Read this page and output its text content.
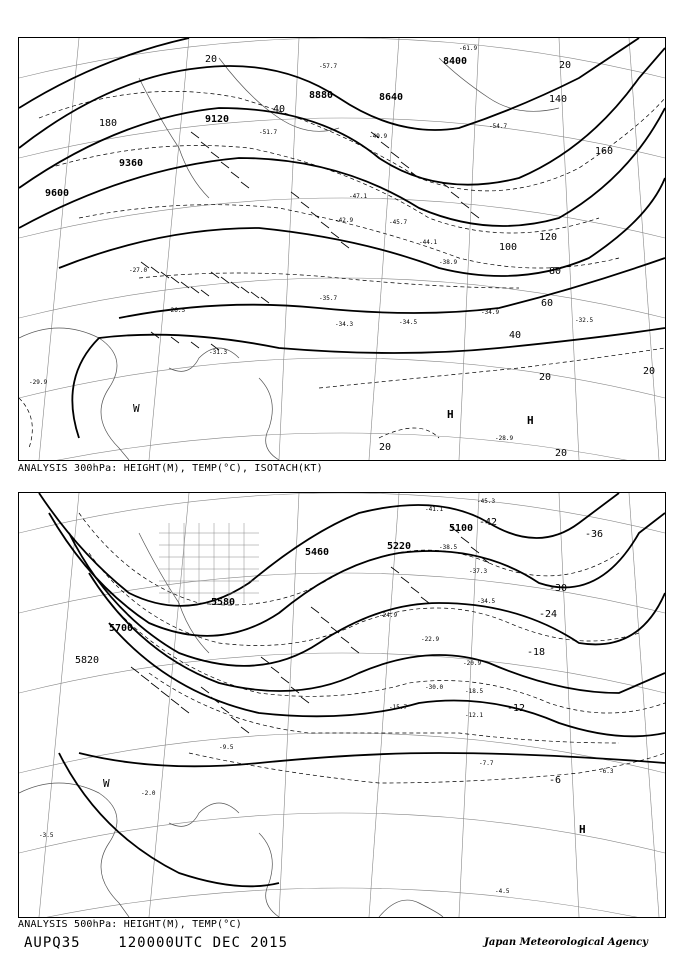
8400
8880	8640
9120
9360
9600
20
40
60
80
100
120
140
160
180
20
40
20
20
20
20
-61.9
-57.7
-54.7
-51.7
-49.9
-47.1
-45.7
-44.1
-42.9
-38.9
-35.7
-34.9
-34.5
-34.3
-32.5
-31.3
-29.9
-28.9
-26.5
-27.0
H	H
W
ANALYSIS 300hPa: HEIGHT(M), TEMP(°C), ISOTACH(KT)
5100
5220
5460
5580
5700
5820
-42
-36
-30
-24
-18
-12
-6
-45.3
-41.1
-38.5
-37.3
-34.5
-30.0
-24.9
-22.9
-20.9
-18.5
-15.7
-12.1
-9.5
-7.7
-6.3
-4.5
-3.5
-2.0
H
W
ANALYSIS 500hPa: HEIGHT(M), TEMP(°C)
AUPQ35	120000UTC DEC 2015	Japan Meteorological Agency
